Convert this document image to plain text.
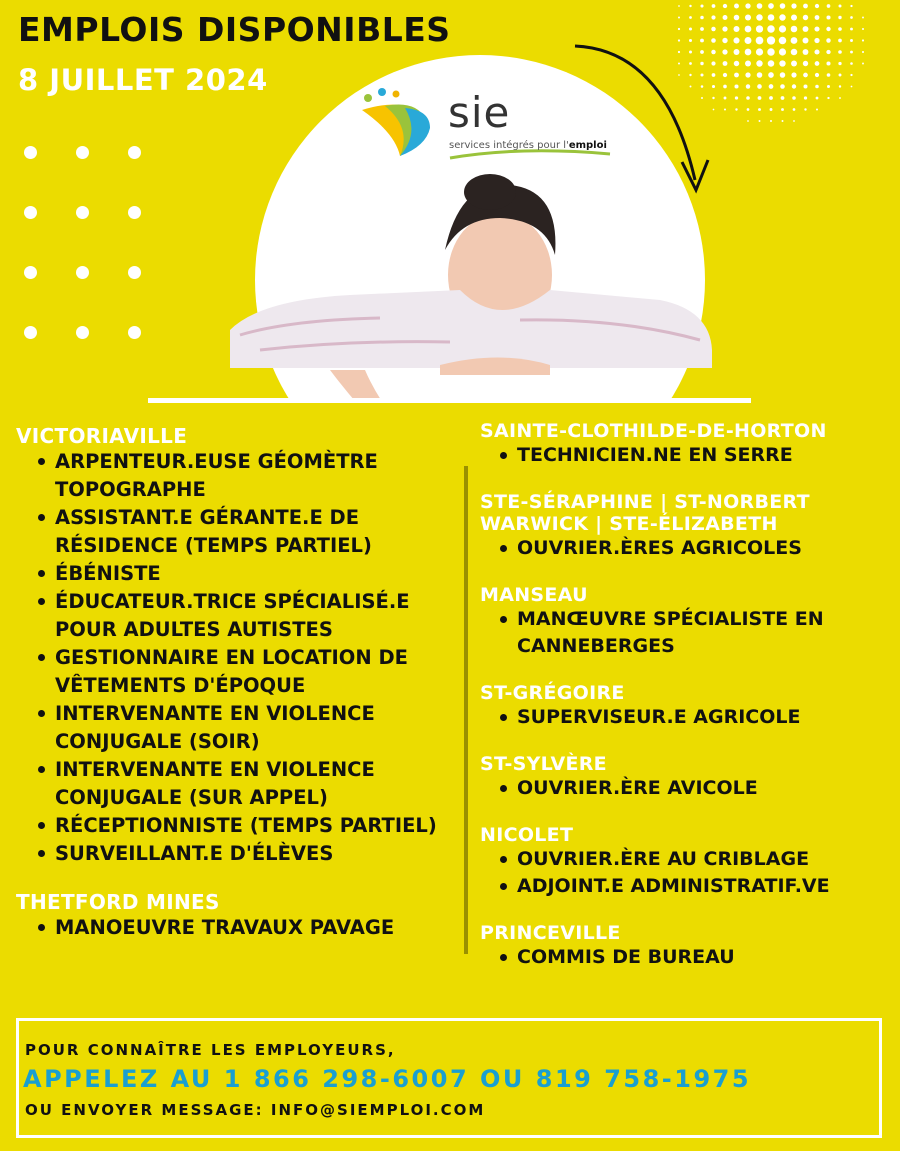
EMPLOIS DISPONIBLES
8 JUILLET 2024
sie
services intégrés pour l'emploi
VICTORIAVILLE
ARPENTEUR.EUSE GÉOMÈTRE TOPOGRAPHE
ASSISTANT.E GÉRANTE.E DE RÉSIDENCE (TEMPS PARTIEL)
ÉBÉNISTE
ÉDUCATEUR.TRICE SPÉCIALISÉ.E POUR ADULTES AUTISTES
GESTIONNAIRE EN LOCATION DE VÊTEMENTS D'ÉPOQUE
INTERVENANTE EN VIOLENCE CONJUGALE (SOIR)
INTERVENANTE EN VIOLENCE CONJUGALE (SUR APPEL)
RÉCEPTIONNISTE (TEMPS PARTIEL)
SURVEILLANT.E D'ÉLÈVES
THETFORD MINES
MANOEUVRE TRAVAUX PAVAGE
SAINTE-CLOTHILDE-DE-HORTON
TECHNICIEN.NE EN SERRE
STE-SÉRAPHINE | ST-NORBERT WARWICK | STE-ÉLIZABETH
OUVRIER.ÈRES AGRICOLES
MANSEAU
MANŒUVRE SPÉCIALISTE EN CANNEBERGES
ST-GRÉGOIRE
SUPERVISEUR.E AGRICOLE
ST-SYLVÈRE
OUVRIER.ÈRE AVICOLE
NICOLET
OUVRIER.ÈRE AU CRIBLAGE
ADJOINT.E ADMINISTRATIF.VE
PRINCEVILLE
COMMIS DE BUREAU
POUR CONNAÎTRE LES EMPLOYEURS,
APPELEZ AU 1 866 298-6007 OU 819 758-1975
OU ENVOYER MESSAGE: INFO@SIEMPLOI.COM
